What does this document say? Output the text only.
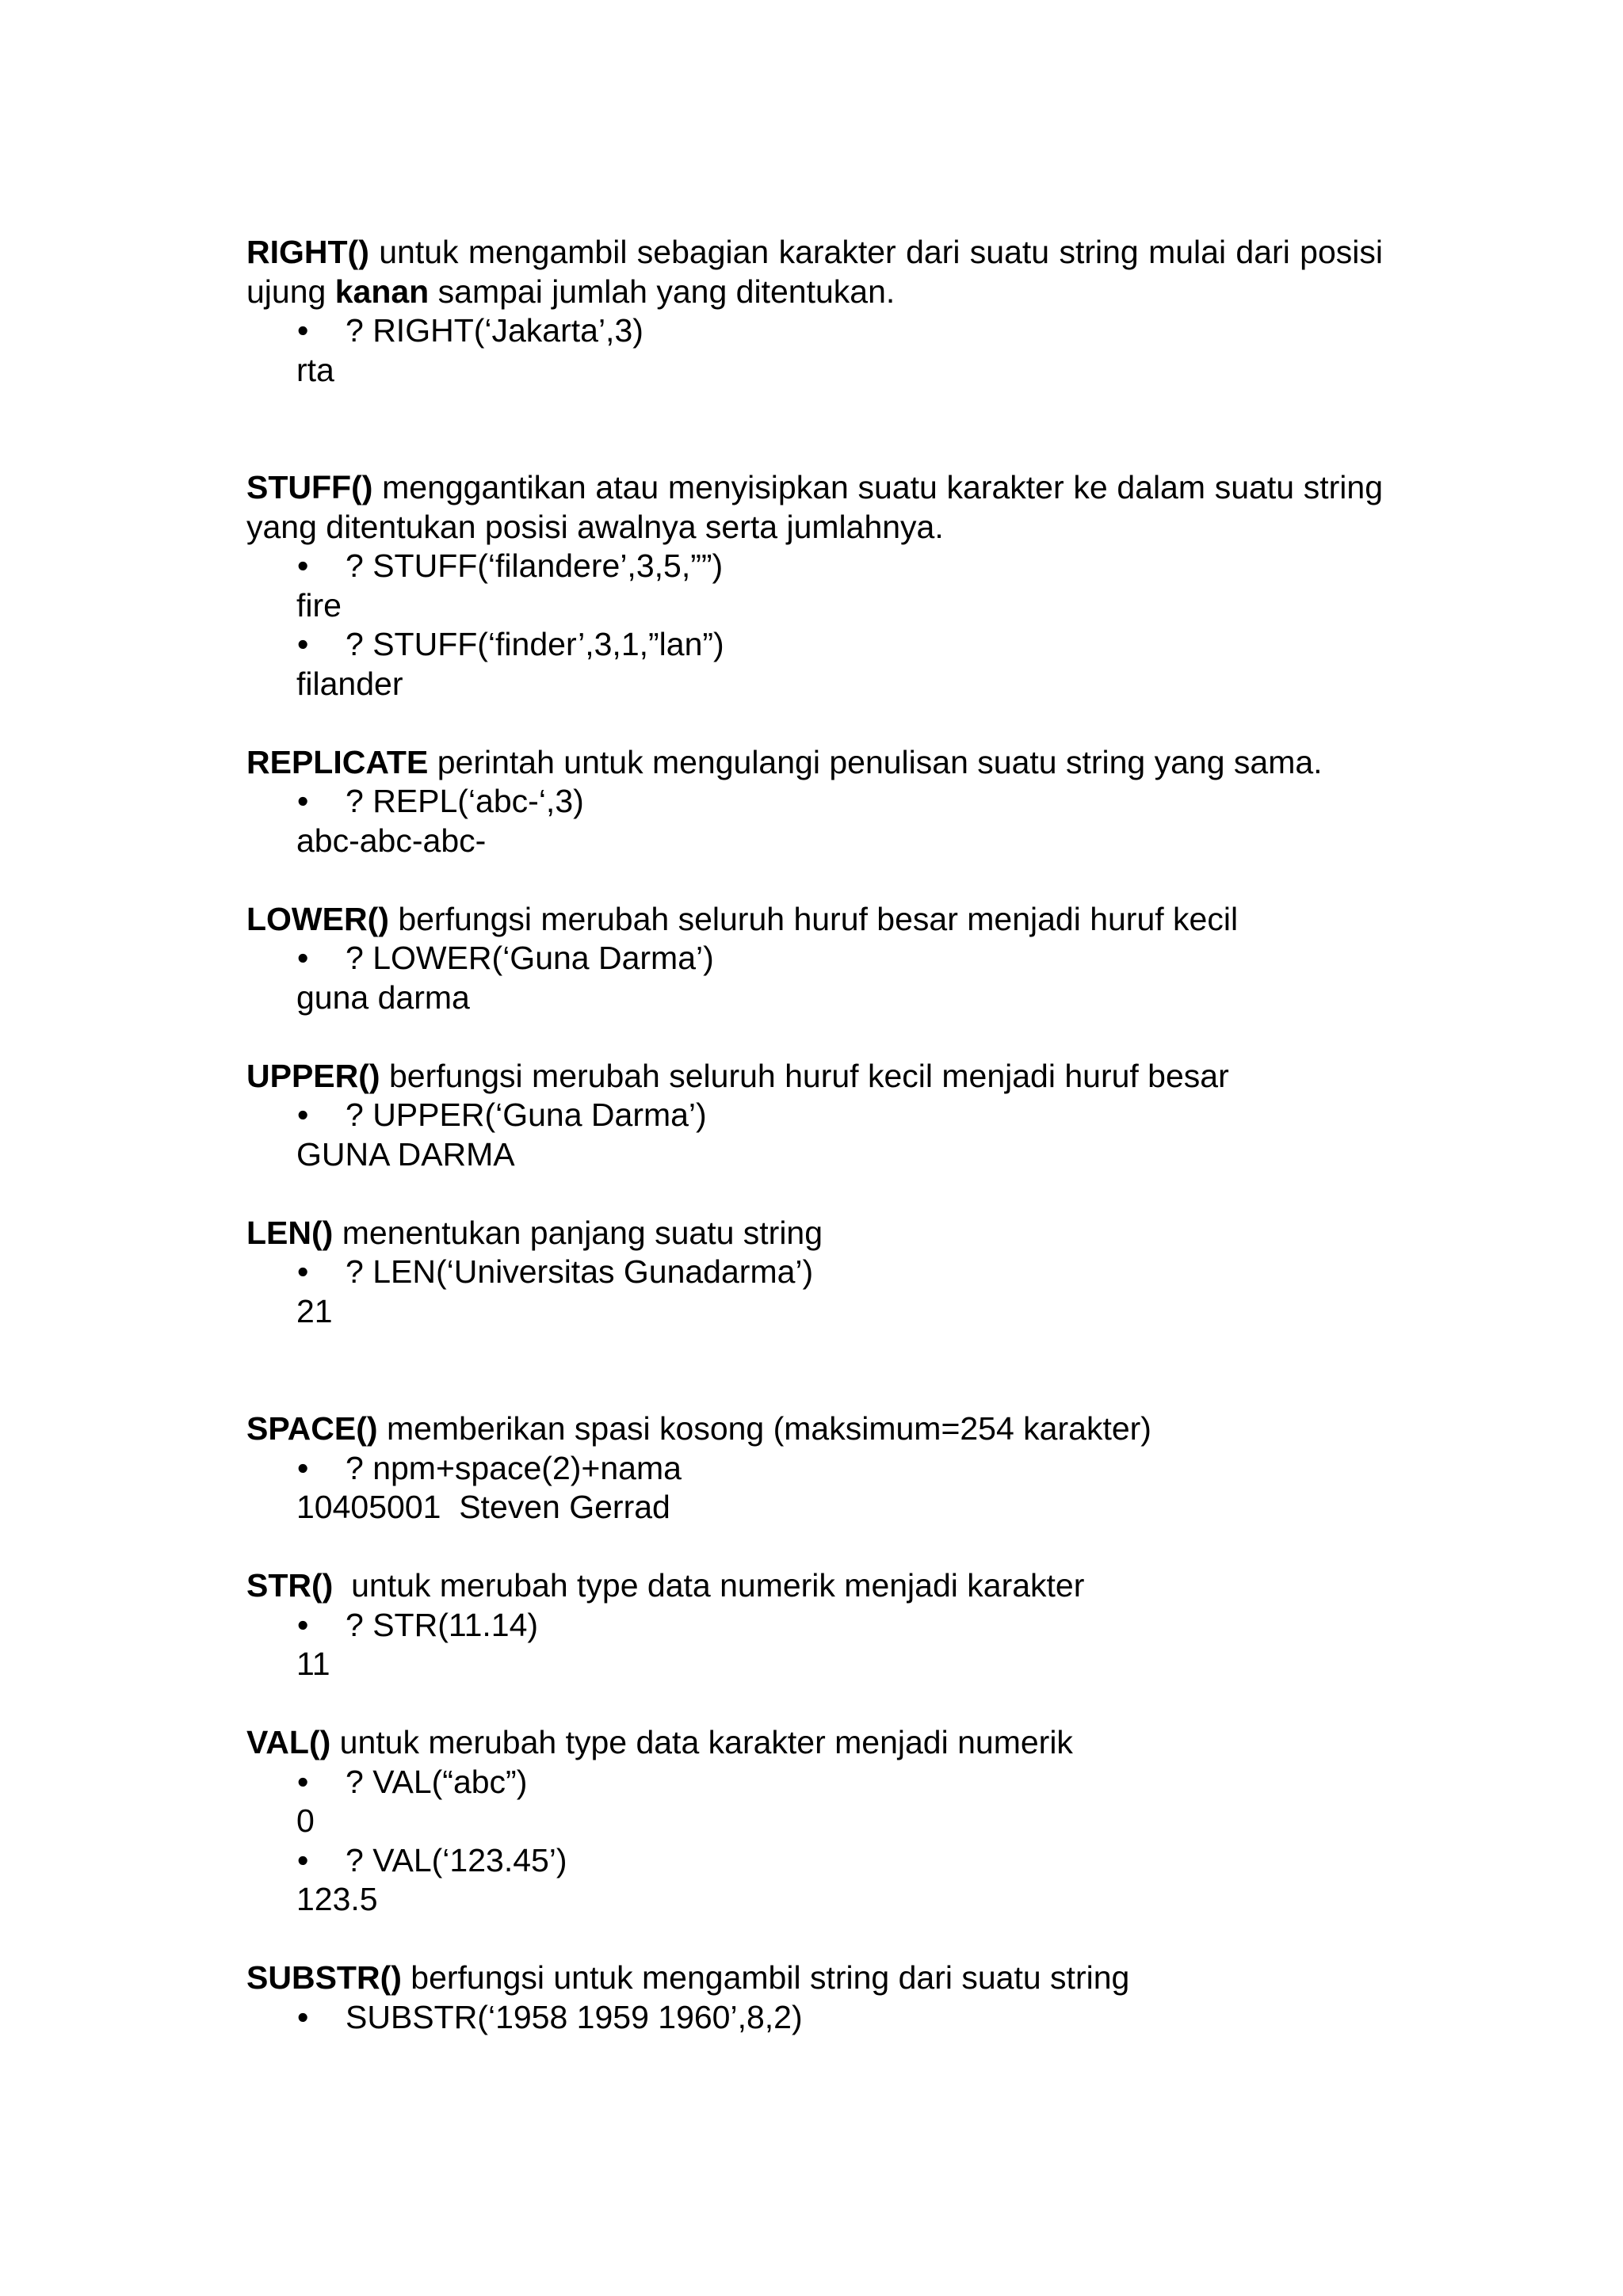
RIGHT() untuk mengambil sebagian karakter dari suatu string mulai dari posisi ujung kanan sampai jumlah yang ditentukan.

? RIGHT(‘Jakarta’,3)

rta

STUFF() menggantikan atau menyisipkan suatu karakter ke dalam suatu string yang ditentukan posisi awalnya serta jumlahnya.

? STUFF(‘filandere’,3,5,””)

fire

? STUFF(‘finder’,3,1,”lan”)

filander

REPLICATE perintah untuk mengulangi penulisan suatu string yang sama.

? REPL(‘abc-‘,3)

abc-abc-abc-

LOWER() berfungsi merubah seluruh huruf besar menjadi huruf kecil

? LOWER(‘Guna Darma’)

guna darma

UPPER() berfungsi merubah seluruh huruf kecil menjadi huruf besar

? UPPER(‘Guna Darma’)

GUNA DARMA

LEN() menentukan panjang suatu string

? LEN(‘Universitas Gunadarma’)

21

SPACE() memberikan spasi kosong (maksimum=254 karakter)

? npm+space(2)+nama

10405001  Steven Gerrad

STR()  untuk merubah type data numerik menjadi karakter

? STR(11.14)

11

VAL() untuk merubah type data karakter menjadi numerik

? VAL(“abc”)

0

? VAL(‘123.45’)

123.5

SUBSTR() berfungsi untuk mengambil string dari suatu string

SUBSTR(‘1958 1959 1960’,8,2)
